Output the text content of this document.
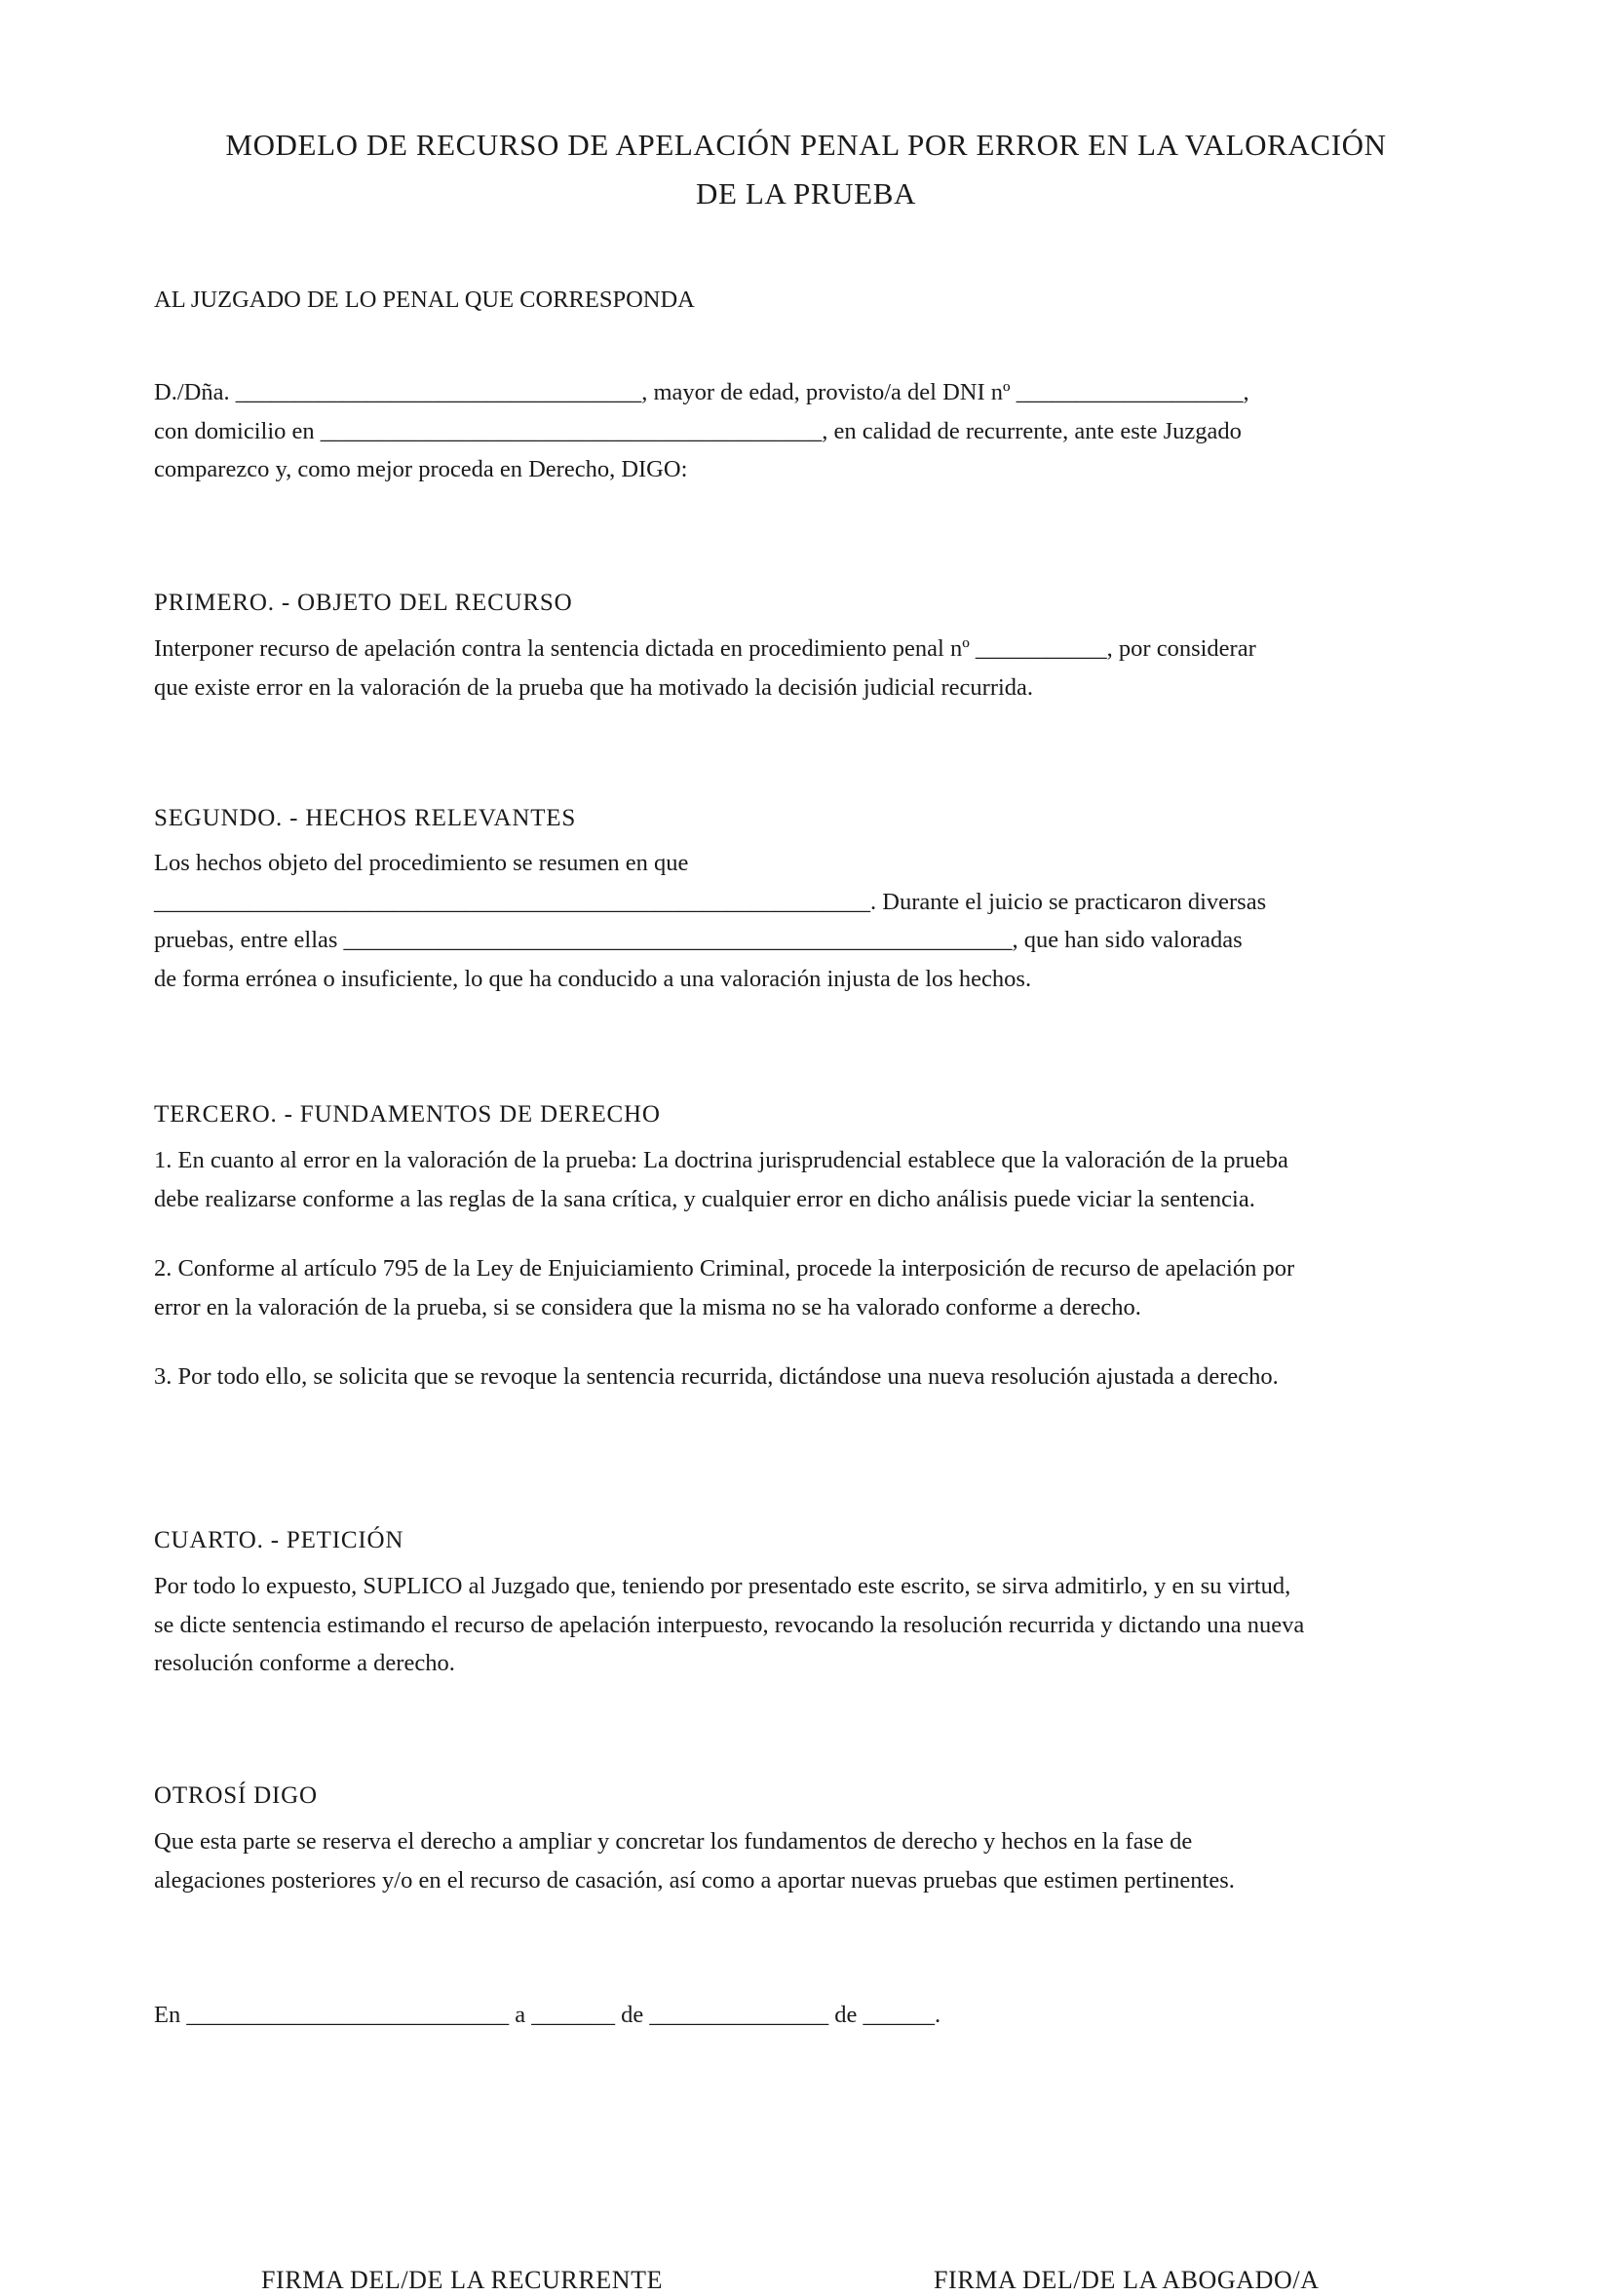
MODELO DE RECURSO DE APELACIÓN PENAL POR ERROR EN LA VALORACIÓN
DE LA PRUEBA

AL JUZGADO DE LO PENAL QUE CORRESPONDA

D./Dña. __________________________________, mayor de edad, provisto/a del DNI nº ___________________,
con domicilio en __________________________________________, en calidad de recurrente, ante este Juzgado
comparezco y, como mejor proceda en Derecho, DIGO:
PRIMERO. - OBJETO DEL RECURSO
Interponer recurso de apelación contra la sentencia dictada en procedimiento penal nº ___________, por considerar
que existe error en la valoración de la prueba que ha motivado la decisión judicial recurrida.
SEGUNDO. - HECHOS RELEVANTES
Los hechos objeto del procedimiento se resumen en que
____________________________________________________________. Durante el juicio se practicaron diversas
pruebas, entre ellas ________________________________________________________, que han sido valoradas
de forma errónea o insuficiente, lo que ha conducido a una valoración injusta de los hechos.
TERCERO. - FUNDAMENTOS DE DERECHO
1. En cuanto al error en la valoración de la prueba: La doctrina jurisprudencial establece que la valoración de la prueba
debe realizarse conforme a las reglas de la sana crítica, y cualquier error en dicho análisis puede viciar la sentencia.
2. Conforme al artículo 795 de la Ley de Enjuiciamiento Criminal, procede la interposición de recurso de apelación por
error en la valoración de la prueba, si se considera que la misma no se ha valorado conforme a derecho.
3. Por todo ello, se solicita que se revoque la sentencia recurrida, dictándose una nueva resolución ajustada a derecho.
CUARTO. - PETICIÓN
Por todo lo expuesto, SUPLICO al Juzgado que, teniendo por presentado este escrito, se sirva admitirlo, y en su virtud,
se dicte sentencia estimando el recurso de apelación interpuesto, revocando la resolución recurrida y dictando una nueva
resolución conforme a derecho.
OTROSÍ DIGO
Que esta parte se reserva el derecho a ampliar y concretar los fundamentos de derecho y hechos en la fase de
alegaciones posteriores y/o en el recurso de casación, así como a aportar nuevas pruebas que estimen pertinentes.

En ___________________________ a _______ de _______________ de ______.

FIRMA DEL/DE LA RECURRENTE	FIRMA DEL/DE LA ABOGADO/A
